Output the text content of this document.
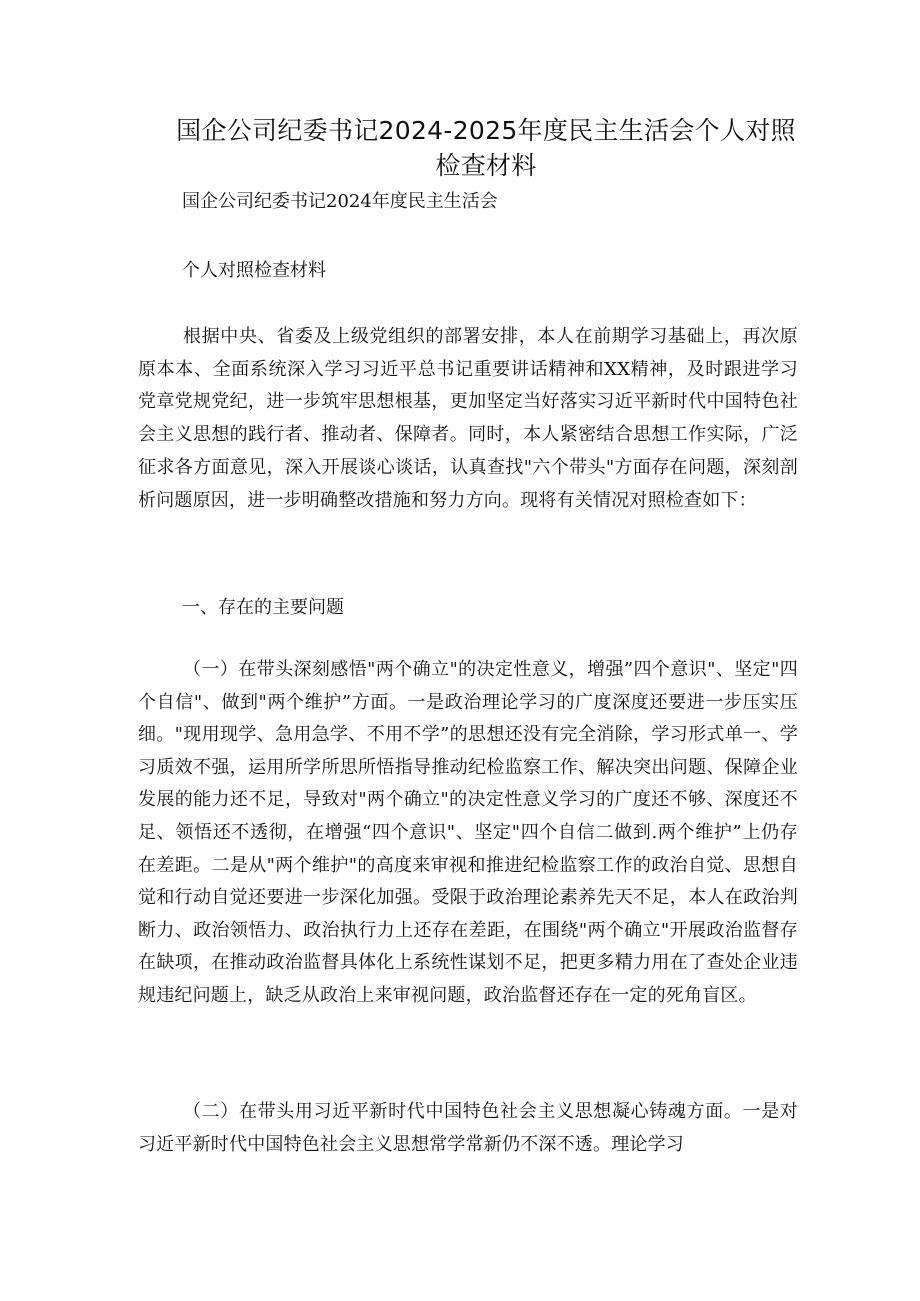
国企公司纪委书记2024-2025年度民主生活会个人对照
检查材料

国企公司纪委书记2024年度民主生活会

个人对照检查材料

根据中央、省委及上级党组织的部署安排，本人在前期学习基础上，再次原原本本、全面系统深入学习习近平总书记重要讲话精神和XX精神，及时跟进学习党章党规党纪，进一步筑牢思想根基，更加坚定当好落实习近平新时代中国特色社会主义思想的践行者、推动者、保障者。同时，本人紧密结合思想工作实际，广泛征求各方面意见，深入开展谈心谈话，认真查找"六个带头"方面存在问题，深刻剖析问题原因，进一步明确整改措施和努力方向。现将有关情况对照检查如下：

一、存在的主要问题

（一）在带头深刻感悟"两个确立"的决定性意义，增强”四个意识"、坚定"四个自信"、做到"两个维护”方面。一是政治理论学习的广度深度还要进一步压实压细。"现用现学、急用急学、不用不学”的思想还没有完全消除，学习形式单一、学习质效不强，运用所学所思所悟指导推动纪检监察工作、解决突出问题、保障企业发展的能力还不足，导致对"两个确立"的决定性意义学习的广度还不够、深度还不足、领悟还不透彻，在增强“四个意识"、坚定"四个自信二做到.两个维护”上仍存在差距。二是从"两个维护"的高度来审视和推进纪检监察工作的政治自觉、思想自觉和行动自觉还要进一步深化加强。受限于政治理论素养先天不足，本人在政治判断力、政治领悟力、政治执行力上还存在差距，在围绕"两个确立"开展政治监督存在缺项，在推动政治监督具体化上系统性谋划不足，把更多精力用在了查处企业违规违纪问题上，缺乏从政治上来审视问题，政治监督还存在一定的死角盲区。

（二）在带头用习近平新时代中国特色社会主义思想凝心铸魂方面。一是对习近平新时代中国特色社会主义思想常学常新仍不深不透。理论学习
